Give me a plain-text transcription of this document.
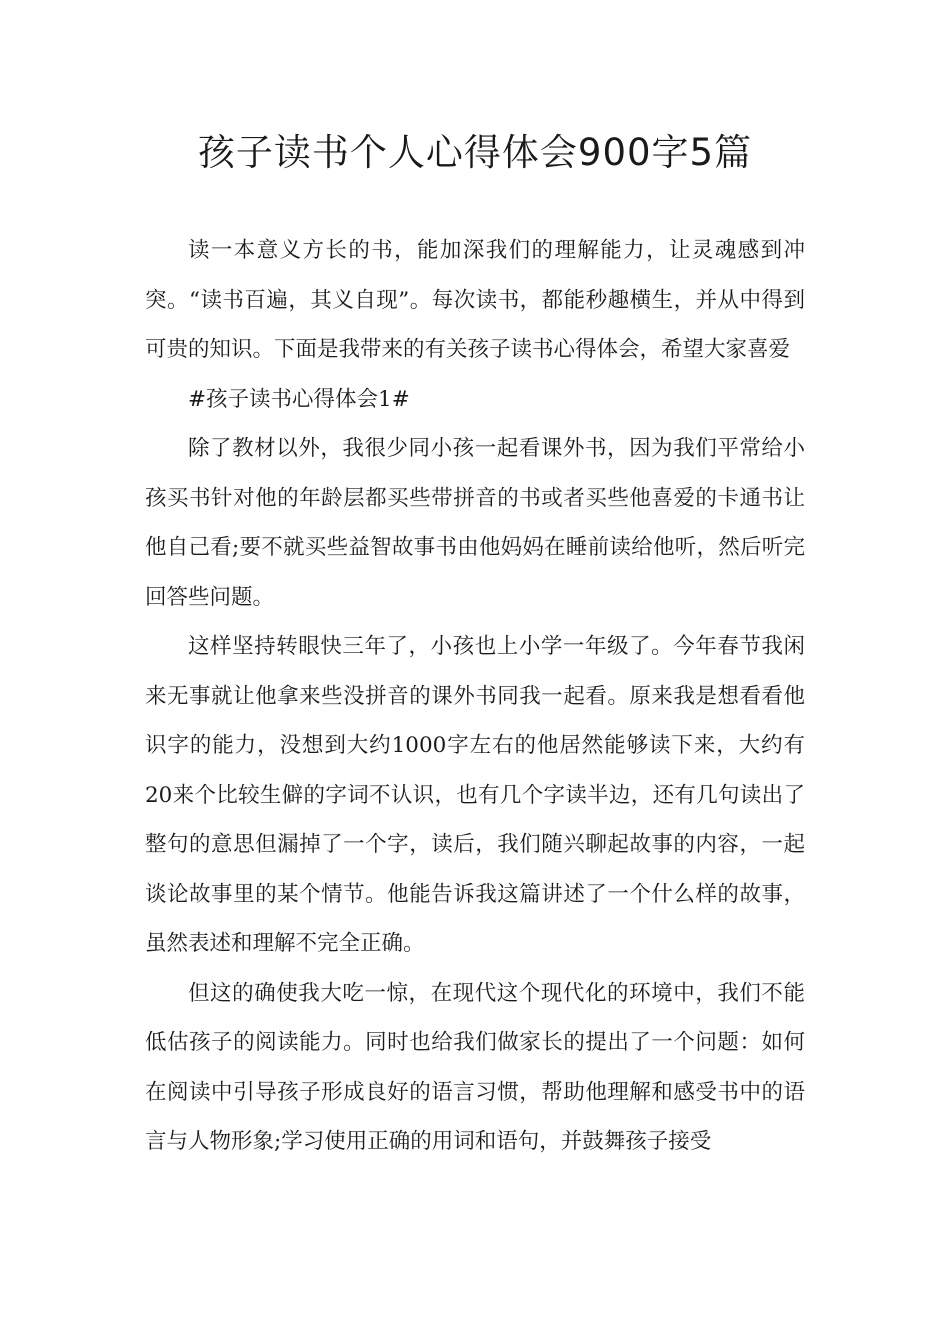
孩子读书个人心得体会900字5篇

读一本意义方长的书，能加深我们的理解能力，让灵魂感到冲突。“读书百遍，其义自现”。每次读书，都能秒趣横生，并从中得到可贵的知识。下面是我带来的有关孩子读书心得体会，希望大家喜爱

#孩子读书心得体会1#

除了教材以外，我很少同小孩一起看课外书，因为我们平常给小孩买书针对他的年龄层都买些带拼音的书或者买些他喜爱的卡通书让他自己看;要不就买些益智故事书由他妈妈在睡前读给他听，然后听完回答些问题。

这样坚持转眼快三年了，小孩也上小学一年级了。今年春节我闲来无事就让他拿来些没拼音的课外书同我一起看。原来我是想看看他识字的能力，没想到大约1000字左右的他居然能够读下来，大约有20来个比较生僻的字词不认识，也有几个字读半边，还有几句读出了整句的意思但漏掉了一个字，读后，我们随兴聊起故事的内容，一起谈论故事里的某个情节。他能告诉我这篇讲述了一个什么样的故事，虽然表述和理解不完全正确。

但这的确使我大吃一惊，在现代这个现代化的环境中，我们不能低估孩子的阅读能力。同时也给我们做家长的提出了一个问题：如何在阅读中引导孩子形成良好的语言习惯，帮助他理解和感受书中的语言与人物形象;学习使用正确的用词和语句，并鼓舞孩子接受
